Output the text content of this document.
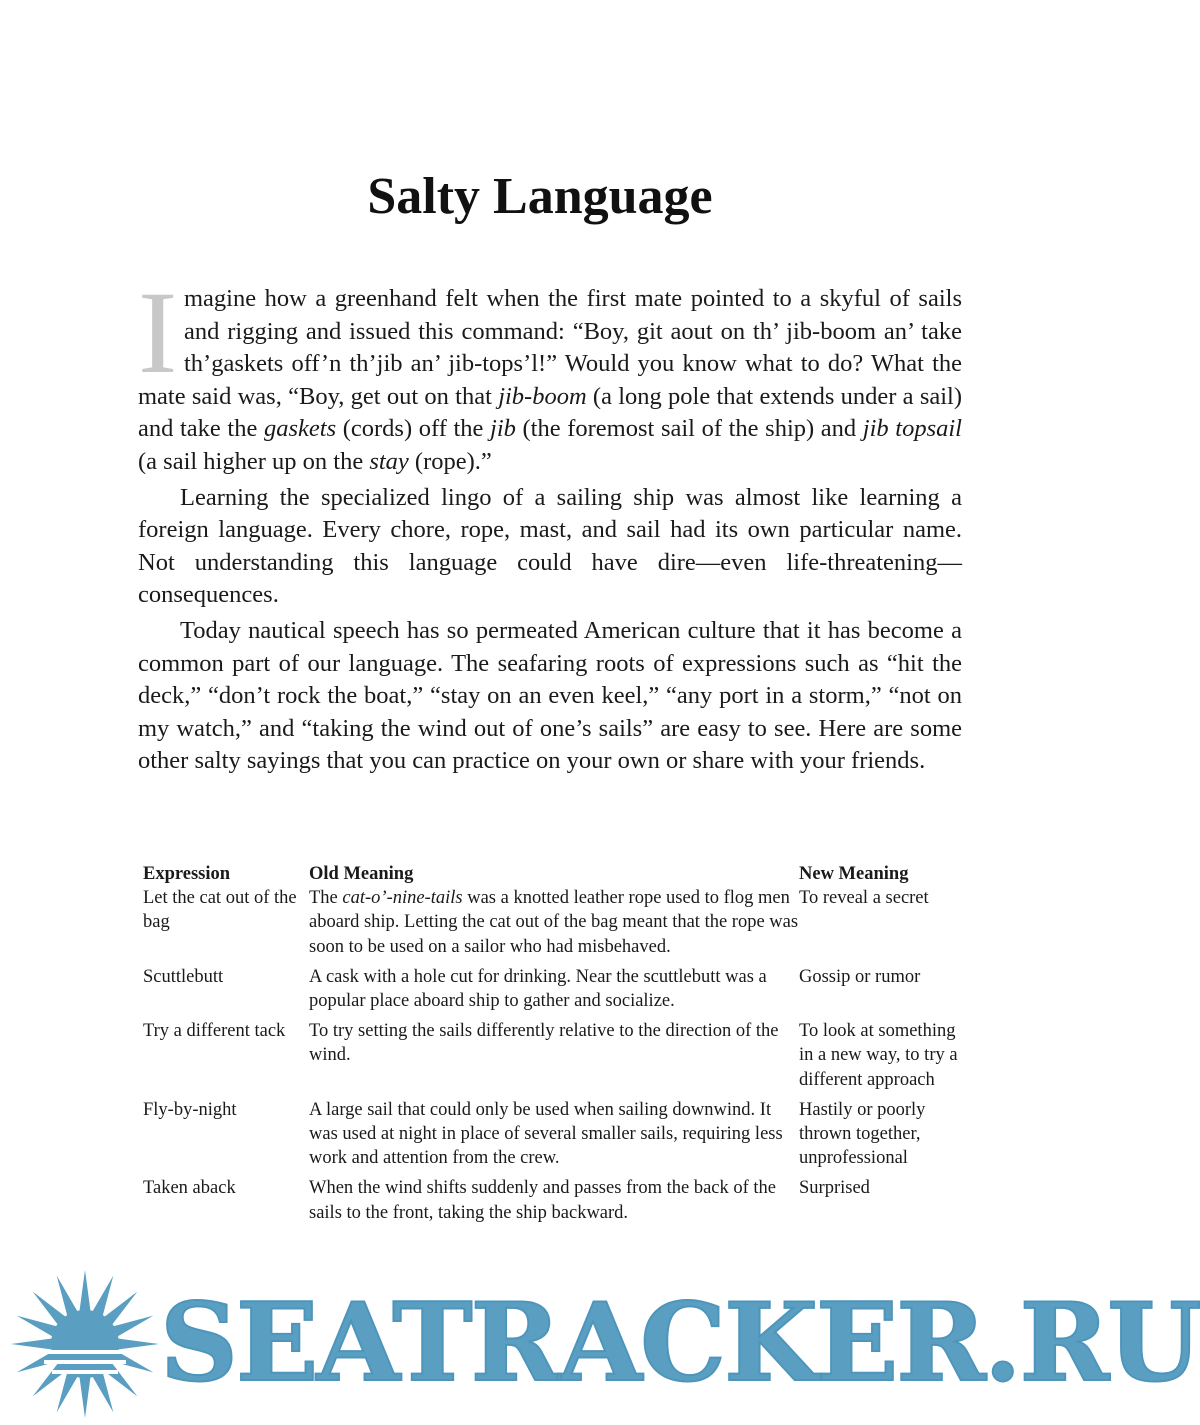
Salty Language

Imagine how a greenhand felt when the first mate pointed to a skyful of sails and rigging and issued this command: “Boy, git aout on th’ jib-boom an’ take th’gaskets off’n th’jib an’ jib-tops’l!” Would you know what to do? What the mate said was, “Boy, get out on that jib-boom (a long pole that extends under a sail) and take the gaskets (cords) off the jib (the foremost sail of the ship) and jib topsail (a sail higher up on the stay (rope).”

Learning the specialized lingo of a sailing ship was almost like learning a foreign language. Every chore, rope, mast, and sail had its own particular name. Not understanding this language could have dire—even life-threatening—consequences.

Today nautical speech has so permeated American culture that it has become a common part of our language. The seafaring roots of expressions such as “hit the deck,” “don’t rock the boat,” “stay on an even keel,” “any port in a storm,” “not on my watch,” and “taking the wind out of one’s sails” are easy to see. Here are some other salty sayings that you can practice on your own or share with your friends.

Expression	Old Meaning	New Meaning
Let the cat out of the bag	The cat-o’-nine-tails was a knotted leather rope used to flog men aboard ship. Letting the cat out of the bag meant that the rope was soon to be used on a sailor who had misbehaved.	To reveal a secret
Scuttlebutt	A cask with a hole cut for drinking. Near the scuttlebutt was a popular place aboard ship to gather and socialize.	Gossip or rumor
Try a different tack	To try setting the sails differently relative to the direction of the wind.	To look at something in a new way, to try a different approach
Fly-by-night	A large sail that could only be used when sailing downwind. It was used at night in place of several smaller sails, requiring less work and attention from the crew.	Hastily or poorly thrown together, unprofessional
Taken aback	When the wind shifts suddenly and passes from the back of the sails to the front, taking the ship backward.	Surprised
SEATRACKER.RU
